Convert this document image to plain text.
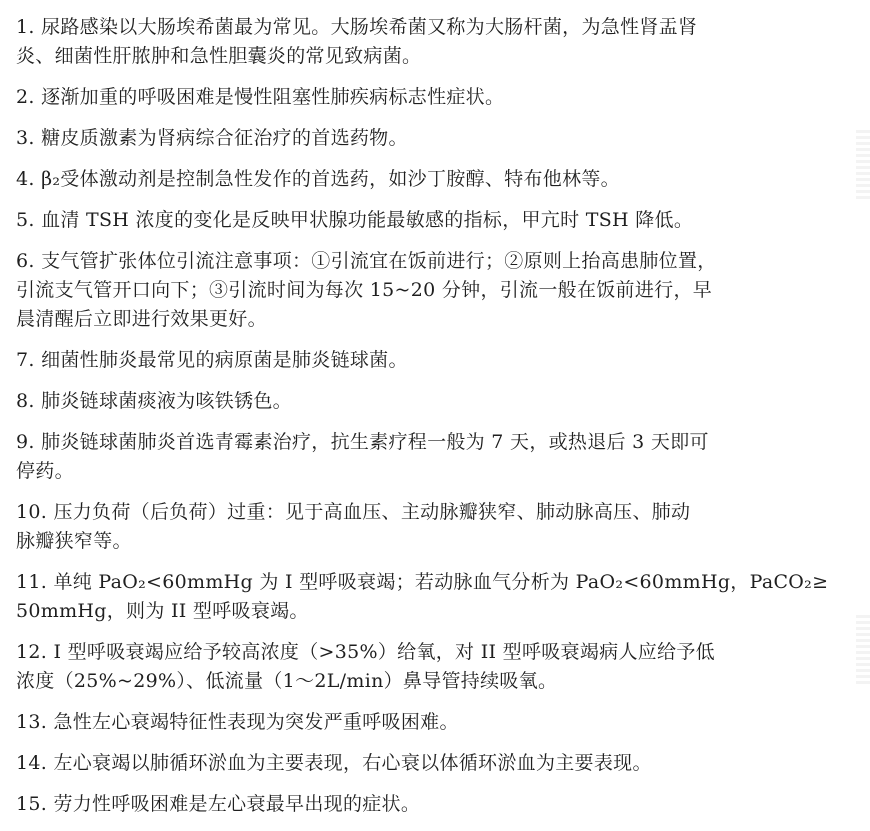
1. 尿路感染以大肠埃希菌最为常见。大肠埃希菌又称为大肠杆菌，为急性肾盂肾
炎、细菌性肝脓肿和急性胆囊炎的常见致病菌。
2. 逐渐加重的呼吸困难是慢性阻塞性肺疾病标志性症状。
3. 糖皮质激素为肾病综合征治疗的首选药物。
4. β₂受体激动剂是控制急性发作的首选药，如沙丁胺醇、特布他林等。
5. 血清 TSH 浓度的变化是反映甲状腺功能最敏感的指标，甲亢时 TSH 降低。
6. 支气管扩张体位引流注意事项：①引流宜在饭前进行；②原则上抬高患肺位置，
引流支气管开口向下；③引流时间为每次 15~20 分钟，引流一般在饭前进行，早
晨清醒后立即进行效果更好。
7. 细菌性肺炎最常见的病原菌是肺炎链球菌。
8. 肺炎链球菌痰液为咳铁锈色。
9. 肺炎链球菌肺炎首选青霉素治疗，抗生素疗程一般为 7 天，或热退后 3 天即可
停药。
10. 压力负荷（后负荷）过重：见于高血压、主动脉瓣狭窄、肺动脉高压、肺动
脉瓣狭窄等。
11. 单纯 PaO₂<60mmHg 为 I 型呼吸衰竭；若动脉血气分析为 PaO₂<60mmHg，PaCO₂≥
50mmHg，则为 II 型呼吸衰竭。
12. I 型呼吸衰竭应给予较高浓度（>35%）给氧，对 II 型呼吸衰竭病人应给予低
浓度（25%~29%）、低流量（1～2L/min）鼻导管持续吸氧。
13. 急性左心衰竭特征性表现为突发严重呼吸困难。
14. 左心衰竭以肺循环淤血为主要表现，右心衰以体循环淤血为主要表现。
15. 劳力性呼吸困难是左心衰最早出现的症状。
